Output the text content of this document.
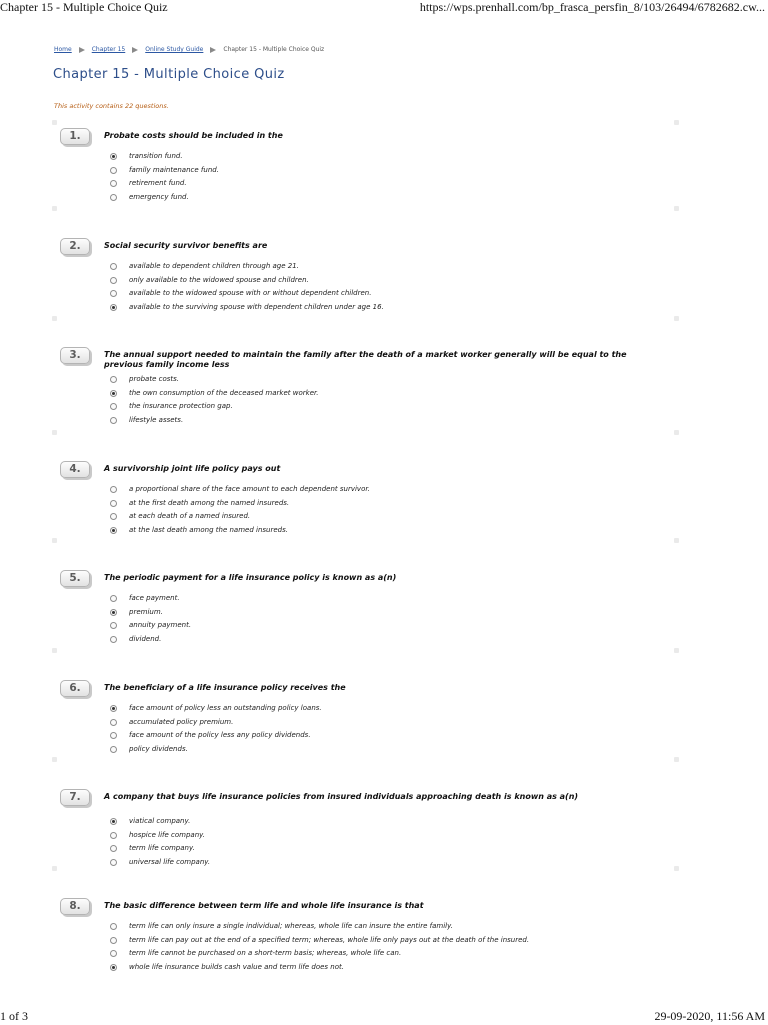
Chapter 15 - Multiple Choice Quiz	https://wps.prenhall.com/bp_frasca_persfin_8/103/26494/6782682.cw...
Home	Chapter 15	Online Study Guide	Chapter 15 - Multiple Choice Quiz
Chapter 15 - Multiple Choice Quiz

This activity contains 22 questions.

1.	Probate costs should be included in the

transition fund.
family maintenance fund.
retirement fund.
emergency fund.
2.	Social security survivor benefits are

available to dependent children through age 21.
only available to the widowed spouse and children.
available to the widowed spouse with or without dependent children.
available to the surviving spouse with dependent children under age 16.
3.	The annual support needed to maintain the family after the death of a market worker generally will be equal to the previous family income less

probate costs.
the own consumption of the deceased market worker.
the insurance protection gap.
lifestyle assets.
4.	A survivorship joint life policy pays out

a proportional share of the face amount to each dependent survivor.
at the first death among the named insureds.
at each death of a named insured.
at the last death among the named insureds.
5.	The periodic payment for a life insurance policy is known as a(n)

face payment.
premium.
annuity payment.
dividend.
6.	The beneficiary of a life insurance policy receives the

face amount of policy less an outstanding policy loans.
accumulated policy premium.
face amount of the policy less any policy dividends.
policy dividends.
7.	A company that buys life insurance policies from insured individuals approaching death is known as a(n)

viatical company.
hospice life company.
term life company.
universal life company.
8.	The basic difference between term life and whole life insurance is that

term life can only insure a single individual; whereas, whole life can insure the entire family.
term life can pay out at the end of a specified term; whereas, whole life only pays out at the death of the insured.
term life cannot be purchased on a short-term basis; whereas, whole life can.
whole life insurance builds cash value and term life does not.
1 of 3	29-09-2020, 11:56 AM
